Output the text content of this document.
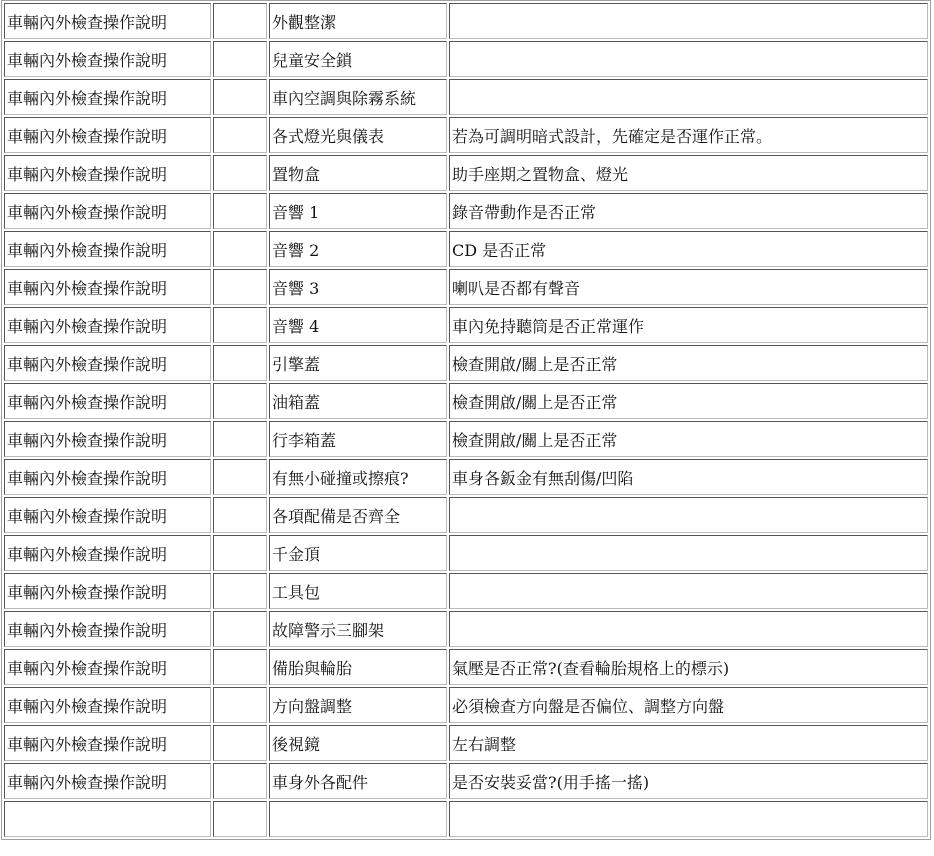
車輛內外檢查操作說明		外觀整潔	
車輛內外檢查操作說明		兒童安全鎖	
車輛內外檢查操作說明		車內空調與除霧系統	
車輛內外檢查操作說明		各式燈光與儀表	若為可調明暗式設計，先確定是否運作正常。
車輛內外檢查操作說明		置物盒	助手座期之置物盒、燈光
車輛內外檢查操作說明		音響 1	錄音帶動作是否正常
車輛內外檢查操作說明		音響 2	CD 是否正常
車輛內外檢查操作說明		音響 3	喇叭是否都有聲音
車輛內外檢查操作說明		音響 4	車內免持聽筒是否正常運作
車輛內外檢查操作說明		引擎蓋	檢查開啟/關上是否正常
車輛內外檢查操作說明		油箱蓋	檢查開啟/關上是否正常
車輛內外檢查操作說明		行李箱蓋	檢查開啟/關上是否正常
車輛內外檢查操作說明		有無小碰撞或擦痕?	車身各鈑金有無刮傷/凹陷
車輛內外檢查操作說明		各項配備是否齊全	
車輛內外檢查操作說明		千金頂	
車輛內外檢查操作說明		工具包	
車輛內外檢查操作說明		故障警示三腳架	
車輛內外檢查操作說明		備胎與輪胎	氣壓是否正常?(查看輪胎規格上的標示)
車輛內外檢查操作說明		方向盤調整	必須檢查方向盤是否偏位、調整方向盤
車輛內外檢查操作說明		後視鏡	左右調整
車輛內外檢查操作說明		車身外各配件	是否安裝妥當?(用手搖一搖)
